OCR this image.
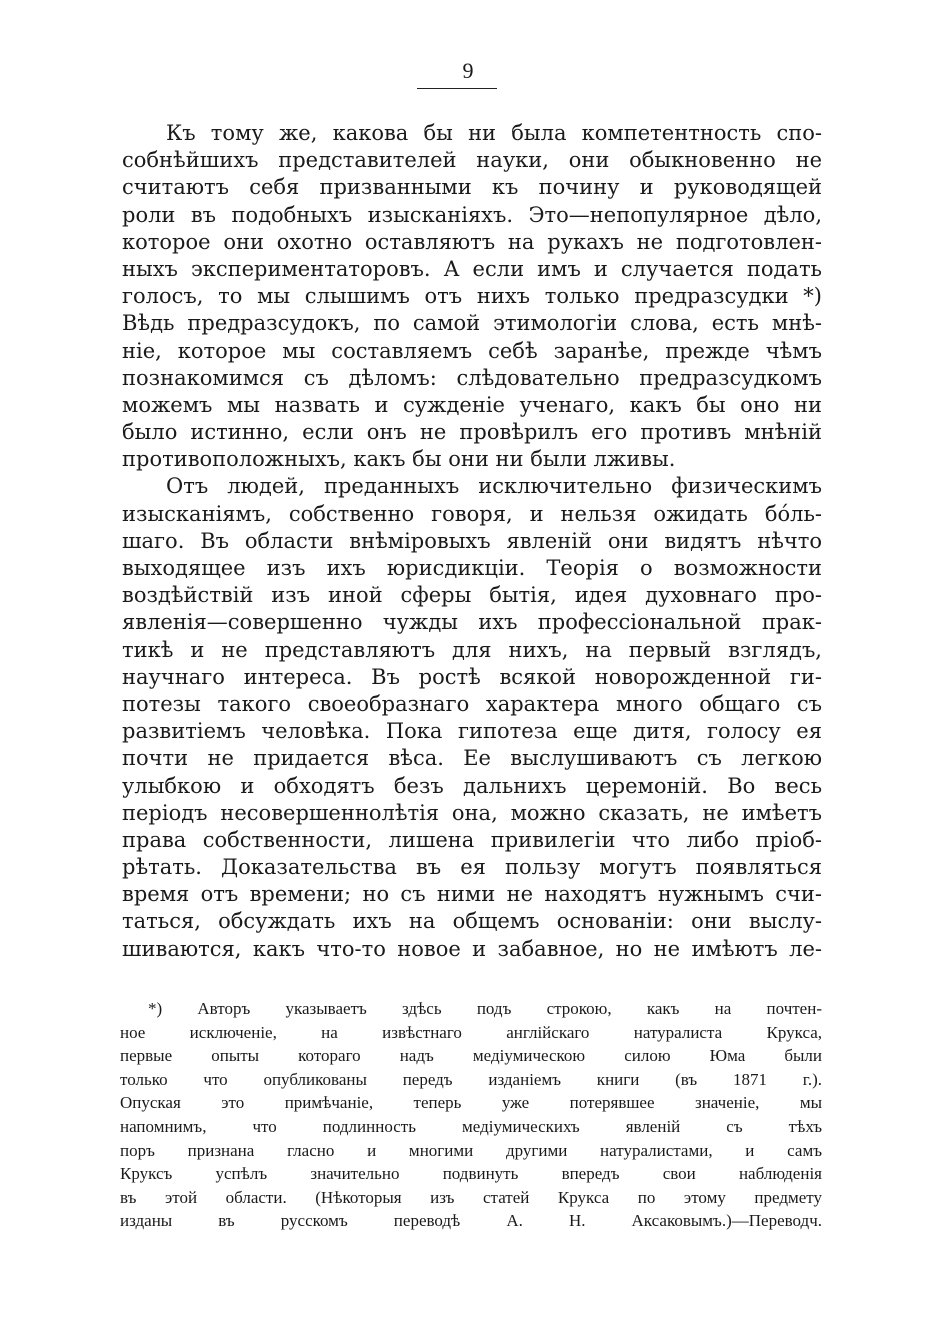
9
Къ тому же, какова бы ни была компетентность спо-
собнѣйшихъ представителей науки, они обыкновенно не
считаютъ себя призванными къ почину и руководящей
роли въ подобныхъ изысканіяхъ. Это—непопулярное дѣло,
которое они охотно оставляютъ на рукахъ не подготовлен-
ныхъ экспериментаторовъ. А если имъ и случается подать
голосъ, то мы слышимъ отъ нихъ только предразсудки *)
Вѣдь предразсудокъ, по самой этимологіи слова, есть мнѣ-
ніе, которое мы составляемъ себѣ заранѣе, прежде чѣмъ
познакомимся съ дѣломъ: слѣдовательно предразсудкомъ
можемъ мы назвать и сужденіе ученаго, какъ бы оно ни
было истинно, если онъ не провѣрилъ его противъ мнѣній
противоположныхъ, какъ бы они ни были лживы.
Отъ людей, преданныхъ исключительно физическимъ
изысканіямъ, собственно говоря, и нельзя ожидать бóль-
шаго. Въ области внѣміровыхъ явленій они видятъ нѣчто
выходящее изъ ихъ юрисдикціи. Теорія о возможности
воздѣйствій изъ иной сферы бытія, идея духовнаго про-
явленія—совершенно чужды ихъ профессіональной прак-
тикѣ и не представляютъ для нихъ, на первый взглядъ,
научнаго интереса. Въ ростѣ всякой новорожденной ги-
потезы такого своеобразнаго характера много общаго съ
развитіемъ человѣка. Пока гипотеза еще дитя, голосу ея
почти не придается вѣса. Ее выслушиваютъ съ легкою
улыбкою и обходятъ безъ дальнихъ церемоній. Во весь
періодъ несовершеннолѣтія она, можно сказать, не имѣетъ
права собственности, лишена привилегіи что либо пріоб-
рѣтать. Доказательства въ ея пользу могутъ появляться
время отъ времени; но съ ними не находятъ нужнымъ счи-
таться, обсуждать ихъ на общемъ основаніи: они выслу-
шиваются, какъ что-то новое и забавное, но не имѣютъ ле-
*) Авторъ указываетъ здѣсь подъ строкою, какъ на почтен-
ное исключеніе, на извѣстнаго англійскаго натуралиста Крукса,
первые опыты котораго надъ медіумическою силою Юма были
только что опубликованы передъ изданіемъ книги (въ 1871 г.).
Опуская это примѣчаніе, теперь уже потерявшее значеніе, мы
напомнимъ, что подлинность медіумическихъ явленій съ тѣхъ
поръ признана гласно и многими другими натуралистами, и самъ
Круксъ успѣлъ значительно подвинуть впередъ свои наблюденія
въ этой области. (Нѣкоторыя изъ статей Крукса по этому предмету
изданы въ русскомъ переводѣ А. Н. Аксаковымъ.)—Переводч.
